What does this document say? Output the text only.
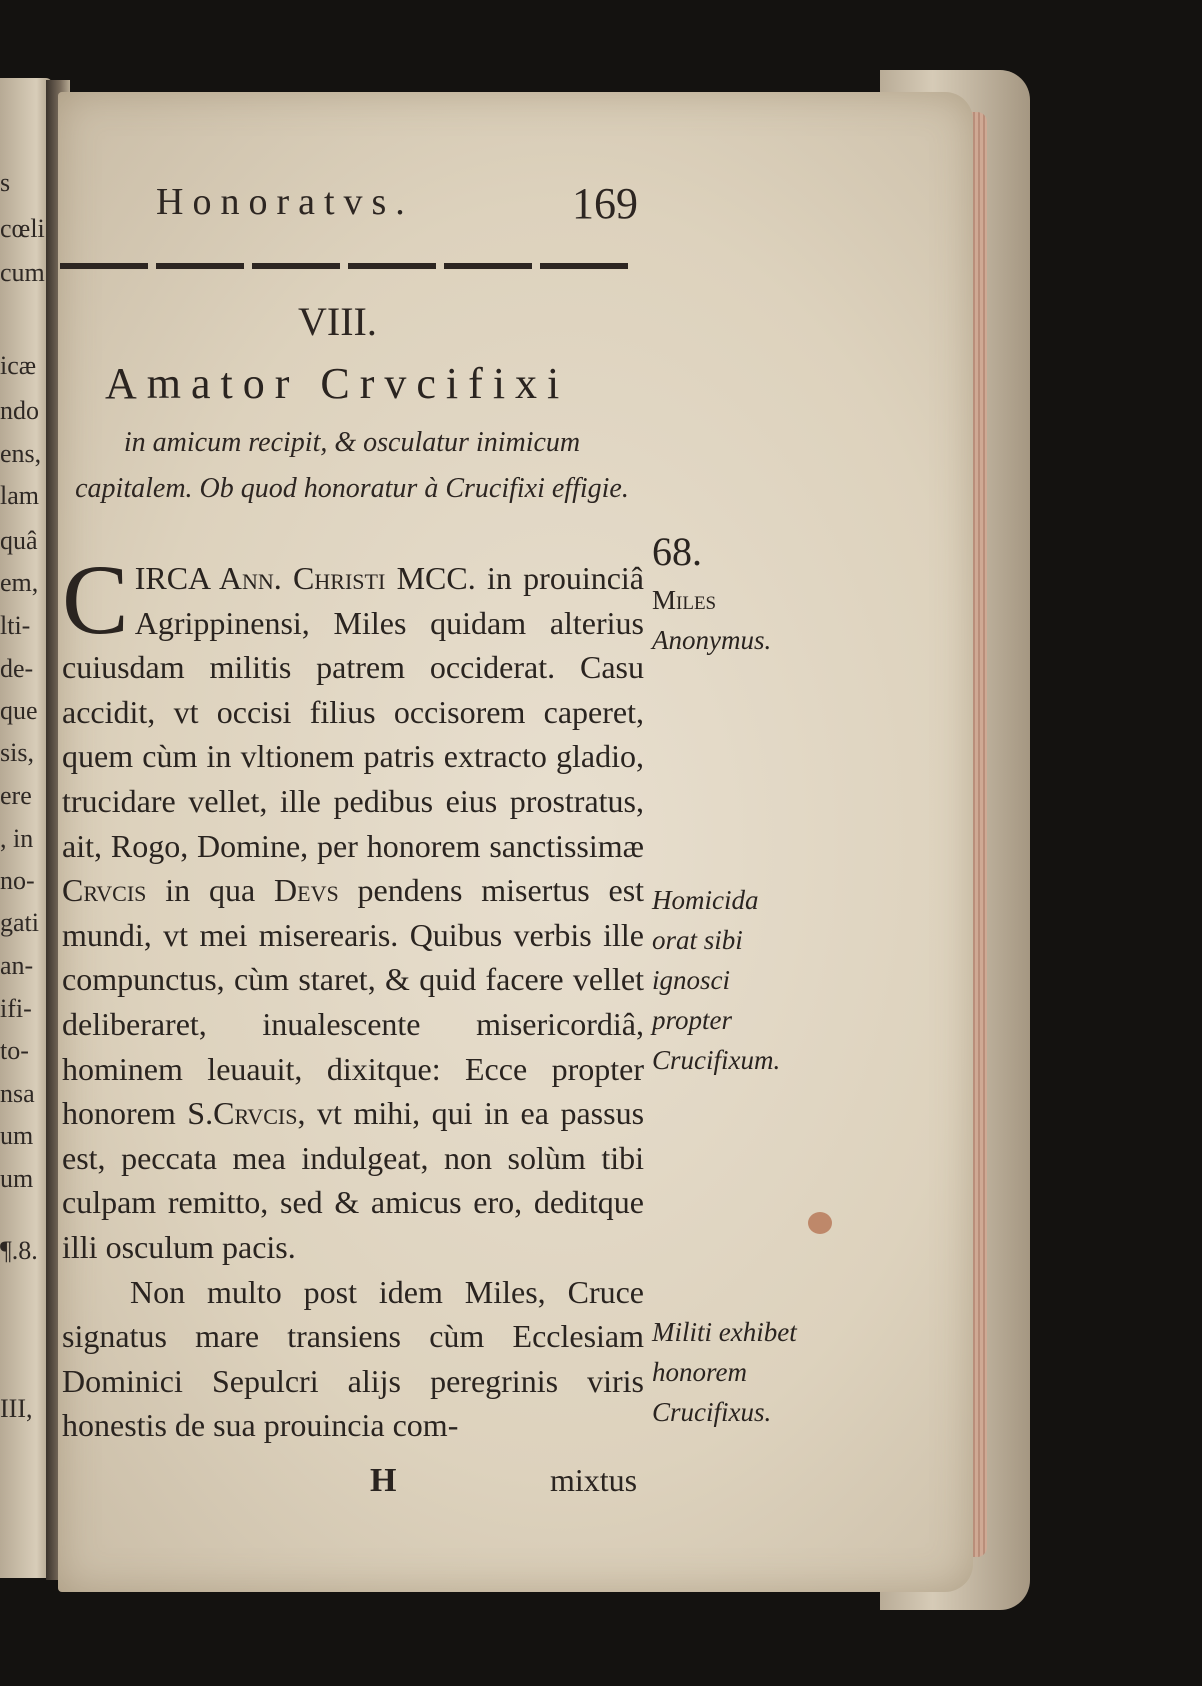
s
cœli
cum
icæ
ndo
ens,
lam
quâ
em,
lti-
de-
que
sis,
ere
, in
no-
gati
an-
ifi-
to-
nsa
um
um
¶.8.
III,
Honoratvs.	169
VIII.
Amator Crvcifixi
in amicum recipit, & osculatur inimicum capitalem. Ob quod honoratur à Crucifixi effigie.

CIRCA Ann. Christi MCC. in prouinciâ Agrippinensi, Miles quidam alterius cuiusdam militis patrem occiderat. Casu accidit, vt occisi filius occisorem caperet, quem cùm in vltionem patris extracto gladio, trucidare vellet, ille pedibus eius prostratus, ait, Rogo, Domine, per honorem sanctissimæ Crvcis in qua Devs pendens misertus est mundi, vt mei miserearis. Quibus verbis ille compunctus, cùm staret, & quid facere vellet deliberaret, inualescente misericordiâ, hominem leuauit, dixitque: Ecce propter honorem S.Crvcis, vt mihi, qui in ea passus est, peccata mea indulgeat, non solùm tibi culpam remitto, sed & amicus ero, deditque illi osculum pacis.

Non multo post idem Miles, Cruce signatus mare transiens cùm Ecclesiam Dominici Sepulcri alijs peregrinis viris honestis de sua prouincia com-

H	mixtus
68.
Miles
Anonymus.
Homicida orat sibi ignosci propter Crucifixum.
Militi exhibet honorem Crucifixus.
